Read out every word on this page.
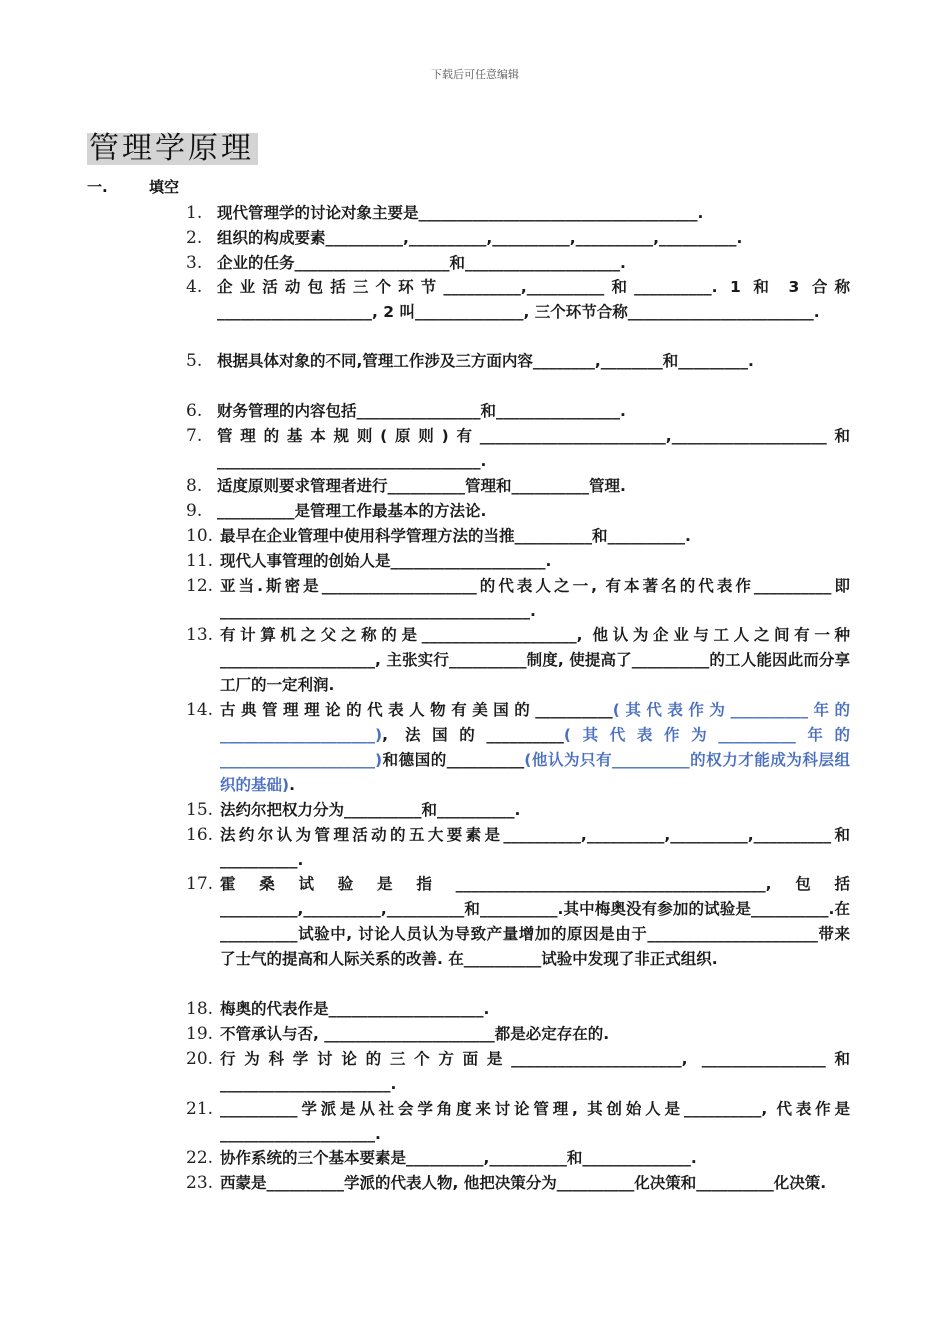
下载后可任意编辑
管理学原理
一.	填空
1. 现代管理学的讨论对象主要是____________________________________.
2. 组织的构成要素__________,__________,__________,__________,__________.
3. 企业的任务____________________和____________________.
4. 企业活动包括三个环节__________,__________和__________. 1 和 3 合称____________________, 2 叫______________, 三个环节合称________________________.
5. 根据具体对象的不同,管理工作涉及三方面内容________,________和_________.
6. 财务管理的内容包括________________和________________.
7. 管理的基本规则(原则)有________________________,____________________和__________________________________.
8. 适度原则要求管理者进行__________管理和__________管理.
9. __________是管理工作最基本的方法论.
10. 最早在企业管理中使用科学管理方法的当推__________和__________.
11. 现代人事管理的创始人是____________________.
12. 亚当.斯密是____________________的代表人之一, 有本著名的代表作__________即________________________________________.
13. 有计算机之父之称的是____________________, 他认为企业与工人之间有一种____________________, 主张实行__________制度, 使提高了__________的工人能因此而分享工厂的一定利润.
14. 古典管理理论的代表人物有美国的__________(其代表作为__________年的____________________), 法国的__________(其代表作为__________年的____________________)和德国的__________(他认为只有__________的权力才能成为科层组织的基础).
15. 法约尔把权力分为__________和__________.
16. 法约尔认为管理活动的五大要素是__________,__________,__________,__________和__________.
17. 霍桑试验是指________________________________________,包括__________,__________,__________和__________.其中梅奥没有参加的试验是__________.在__________试验中, 讨论人员认为导致产量增加的原因是由于______________________带来了士气的提高和人际关系的改善. 在__________试验中发现了非正式组织.
18. 梅奥的代表作是____________________.
19. 不管承认与否, ______________________都是必定存在的.
20. 行为科学讨论的三个方面是______________________, ________________和______________________.
21. __________学派是从社会学角度来讨论管理, 其创始人是__________, 代表作是____________________.
22. 协作系统的三个基本要素是__________,__________和______________.
23. 西蒙是__________学派的代表人物, 他把决策分为__________化决策和__________化决策.
